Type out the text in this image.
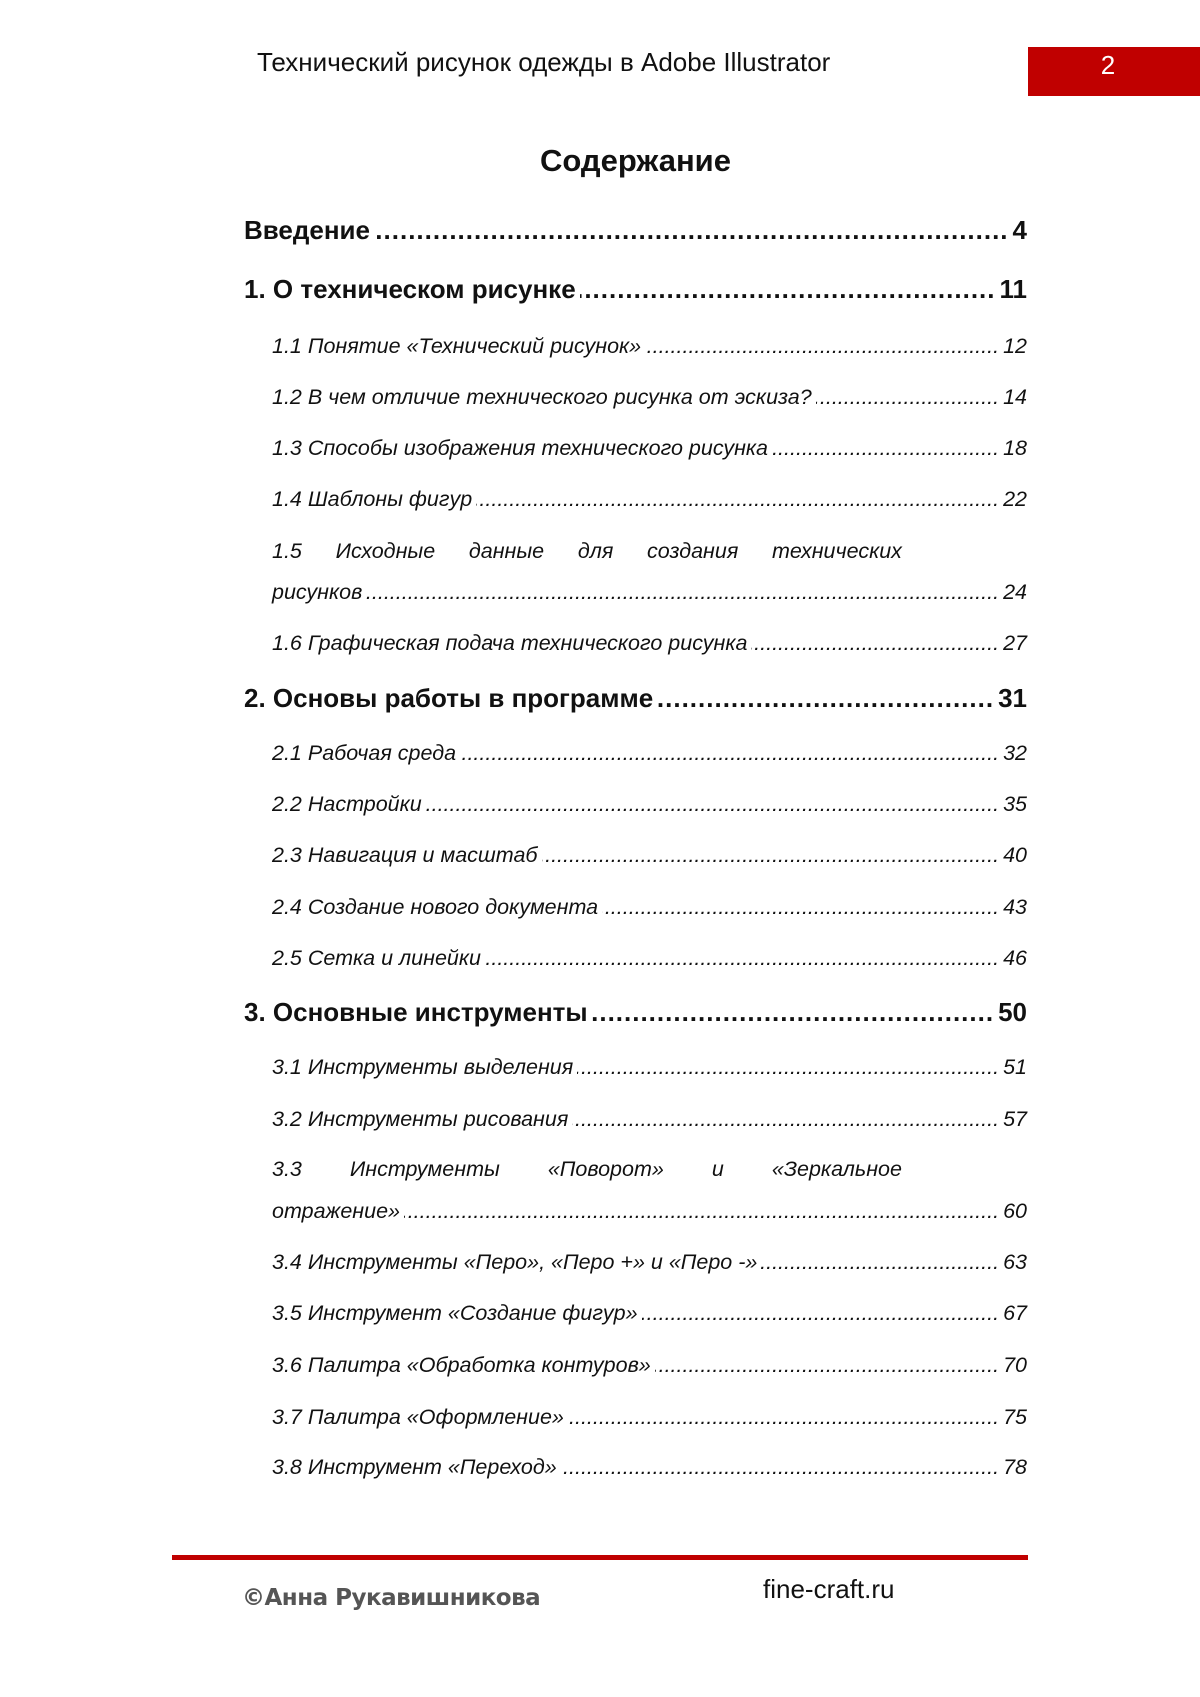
Технический рисунок одежды в Adobe Illustrator	2
Содержание
Введение .....	4
1. О техническом рисунке .....	11
1.1 Понятие «Технический рисунок» .....	12
1.2 В чем отличие технического рисунка от эскиза? .....	14
1.3 Способы изображения технического рисунка .....	18
1.4 Шаблоны фигур .....	22
1.5 Исходные данные для создания технических
рисунков .....	24
1.6 Графическая подача технического рисунка .....	27
2. Основы работы в программе .....	31
2.1 Рабочая среда .....	32
2.2 Настройки .....	35
2.3 Навигация и масштаб .....	40
2.4 Создание нового документа .....	43
2.5 Сетка и линейки .....	46
3. Основные инструменты .....	50
3.1 Инструменты выделения .....	51
3.2 Инструменты рисования .....	57
3.3 Инструменты «Поворот» и «Зеркальное
отражение» .....	60
3.4 Инструменты «Перо», «Перо +» и «Перо -» .....	63
3.5 Инструмент «Создание фигур» .....	67
3.6 Палитра «Обработка контуров» .....	70
3.7 Палитра «Оформление» .....	75
3.8 Инструмент «Переход» .....	78
©Анна Рукавишникова	fine-craft.ru
